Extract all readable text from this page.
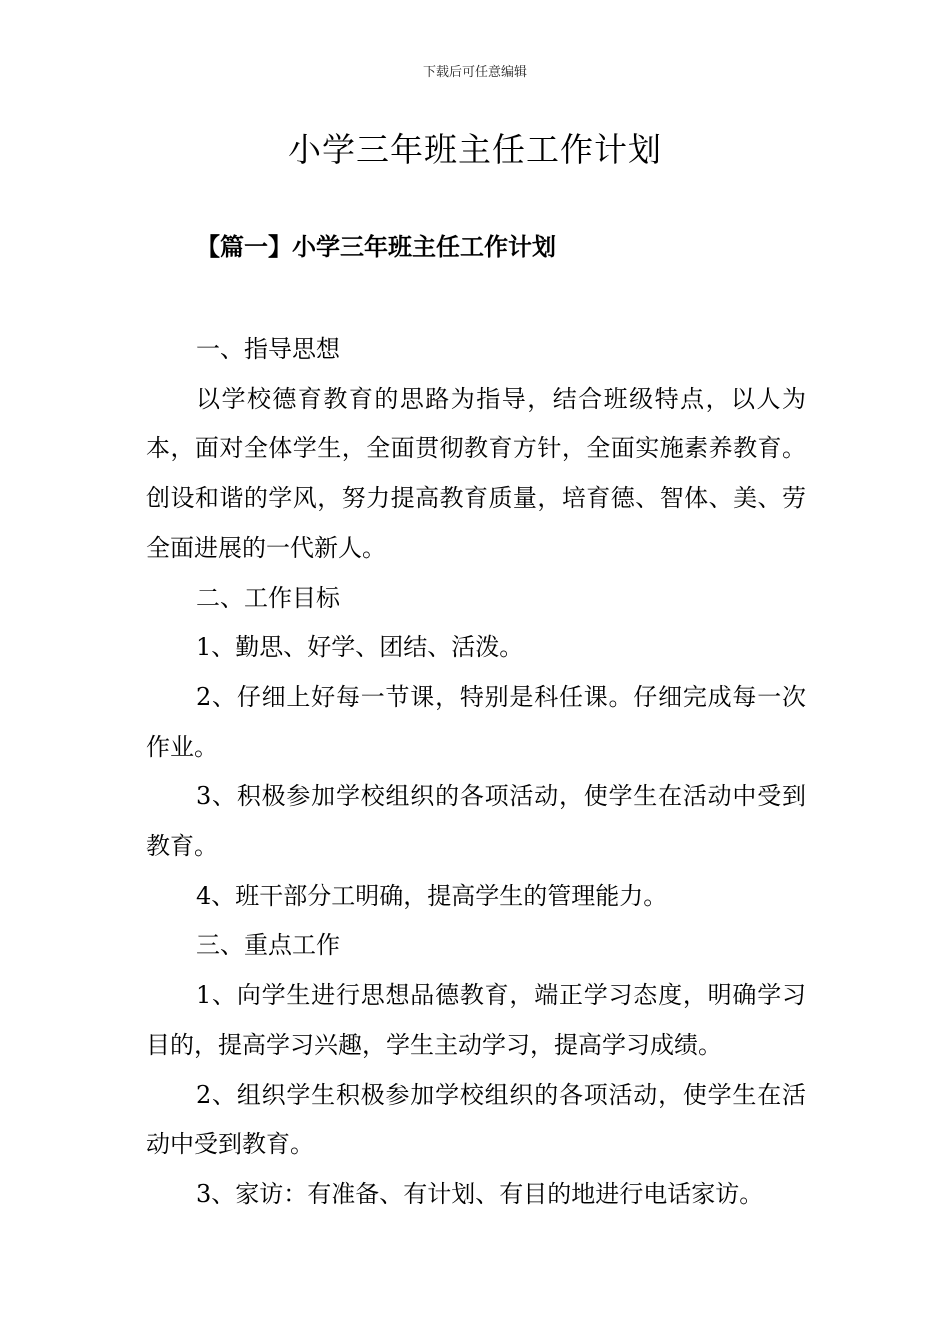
下载后可任意编辑
小学三年班主任工作计划
【篇一】小学三年班主任工作计划

一、指导思想

以学校德育教育的思路为指导，结合班级特点，以人为本，面对全体学生，全面贯彻教育方针，全面实施素养教育。创设和谐的学风，努力提高教育质量，培育德、智体、美、劳全面进展的一代新人。

二、工作目标

1、勤思、好学、团结、活泼。

2、仔细上好每一节课，特别是科任课。仔细完成每一次作业。

3、积极参加学校组织的各项活动，使学生在活动中受到教育。

4、班干部分工明确，提高学生的管理能力。

三、重点工作

1、向学生进行思想品德教育，端正学习态度，明确学习目的，提高学习兴趣，学生主动学习，提高学习成绩。

2、组织学生积极参加学校组织的各项活动，使学生在活动中受到教育。

3、家访：有准备、有计划、有目的地进行电话家访。
